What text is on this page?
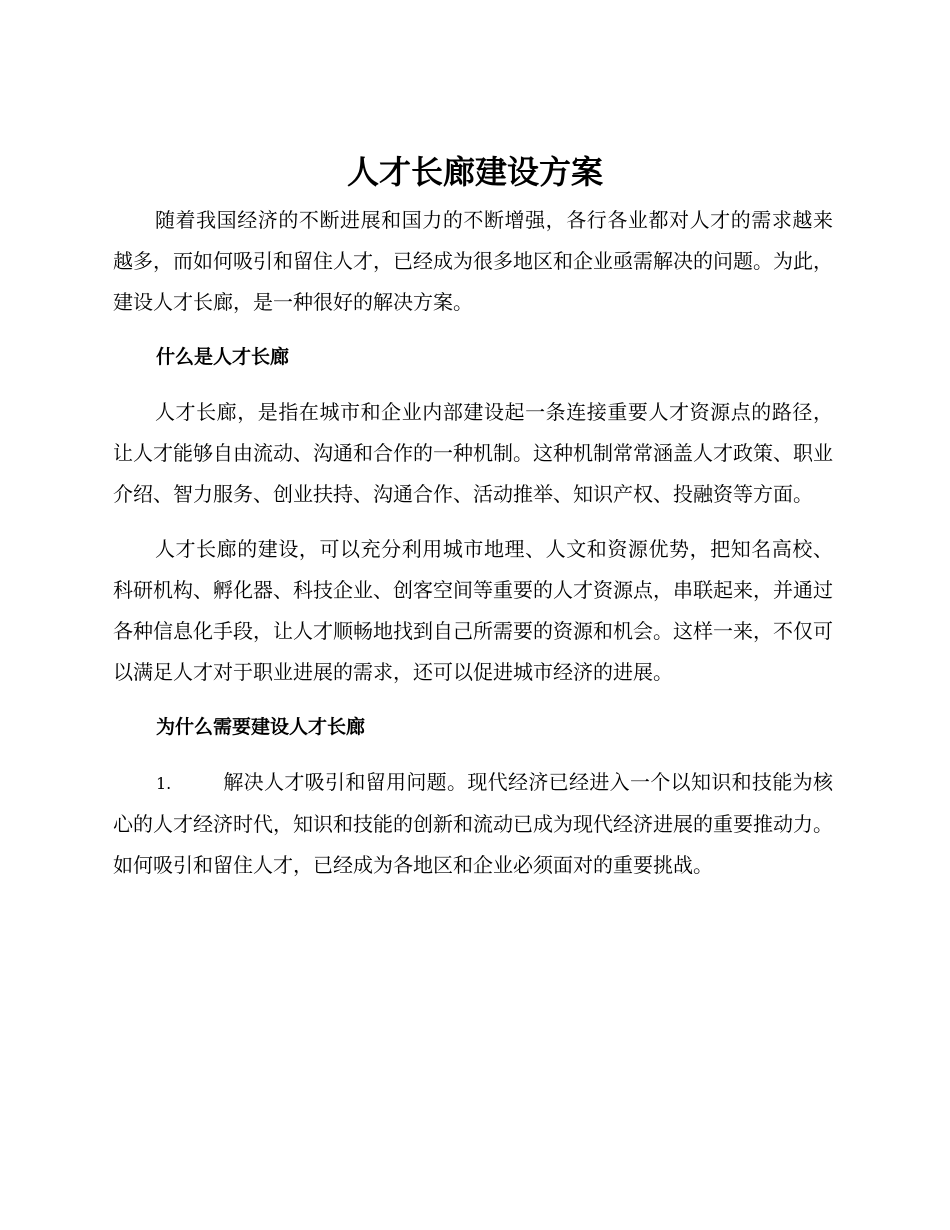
人才长廊建设方案

随着我国经济的不断进展和国力的不断增强，各行各业都对人才的需求越来越多，而如何吸引和留住人才，已经成为很多地区和企业亟需解决的问题。为此，建设人才长廊，是一种很好的解决方案。

什么是人才长廊

人才长廊，是指在城市和企业内部建设起一条连接重要人才资源点的路径，让人才能够自由流动、沟通和合作的一种机制。这种机制常常涵盖人才政策、职业介绍、智力服务、创业扶持、沟通合作、活动推举、知识产权、投融资等方面。

人才长廊的建设，可以充分利用城市地理、人文和资源优势，把知名高校、科研机构、孵化器、科技企业、创客空间等重要的人才资源点，串联起来，并通过各种信息化手段，让人才顺畅地找到自己所需要的资源和机会。这样一来，不仅可以满足人才对于职业进展的需求，还可以促进城市经济的进展。

为什么需要建设人才长廊

1.	解决人才吸引和留用问题。现代经济已经进入一个以知识和技能为核心的人才经济时代，知识和技能的创新和流动已成为现代经济进展的重要推动力。如何吸引和留住人才，已经成为各地区和企业必须面对的重要挑战。
